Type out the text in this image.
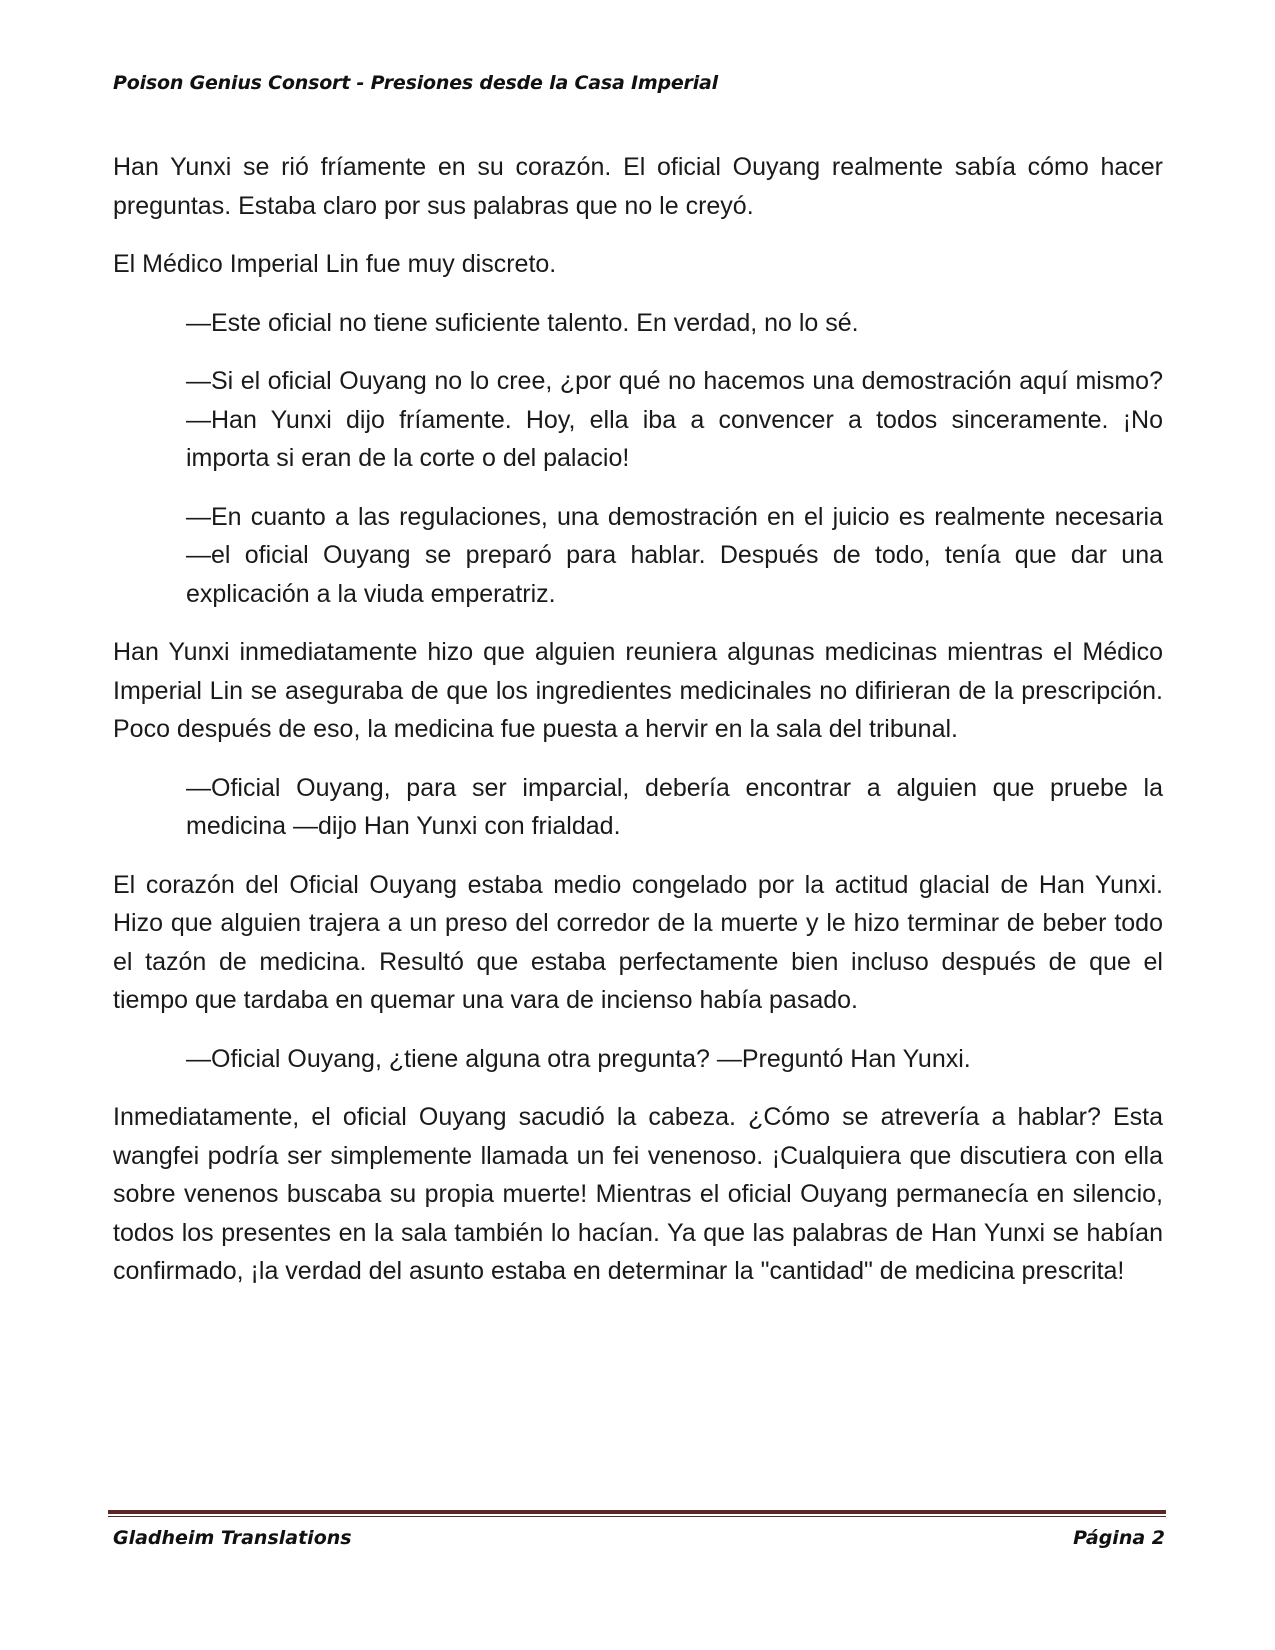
Poison Genius Consort - Presiones desde la Casa Imperial

Han Yunxi se rió fríamente en su corazón. El oficial Ouyang realmente sabía cómo hacer preguntas. Estaba claro por sus palabras que no le creyó.

El Médico Imperial Lin fue muy discreto.

—Este oficial no tiene suficiente talento. En verdad, no lo sé.

—Si el oficial Ouyang no lo cree, ¿por qué no hacemos una demostración aquí mismo? —Han Yunxi dijo fríamente. Hoy, ella iba a convencer a todos sinceramente. ¡No importa si eran de la corte o del palacio!

—En cuanto a las regulaciones, una demostración en el juicio es realmente necesaria —el oficial Ouyang se preparó para hablar. Después de todo, tenía que dar una explicación a la viuda emperatriz.

Han Yunxi inmediatamente hizo que alguien reuniera algunas medicinas mientras el Médico Imperial Lin se aseguraba de que los ingredientes medicinales no difirieran de la prescripción. Poco después de eso, la medicina fue puesta a hervir en la sala del tribunal.

—Oficial Ouyang, para ser imparcial, debería encontrar a alguien que pruebe la medicina —dijo Han Yunxi con frialdad.

El corazón del Oficial Ouyang estaba medio congelado por la actitud glacial de Han Yunxi. Hizo que alguien trajera a un preso del corredor de la muerte y le hizo terminar de beber todo el tazón de medicina. Resultó que estaba perfectamente bien incluso después de que el tiempo que tardaba en quemar una vara de incienso había pasado.

—Oficial Ouyang, ¿tiene alguna otra pregunta? —Preguntó Han Yunxi.

Inmediatamente, el oficial Ouyang sacudió la cabeza. ¿Cómo se atrevería a hablar? Esta wangfei podría ser simplemente llamada un fei venenoso. ¡Cualquiera que discutiera con ella sobre venenos buscaba su propia muerte! Mientras el oficial Ouyang permanecía en silencio, todos los presentes en la sala también lo hacían. Ya que las palabras de Han Yunxi se habían confirmado, ¡la verdad del asunto estaba en determinar la "cantidad" de medicina prescrita!

Gladheim Translations	Página 2
